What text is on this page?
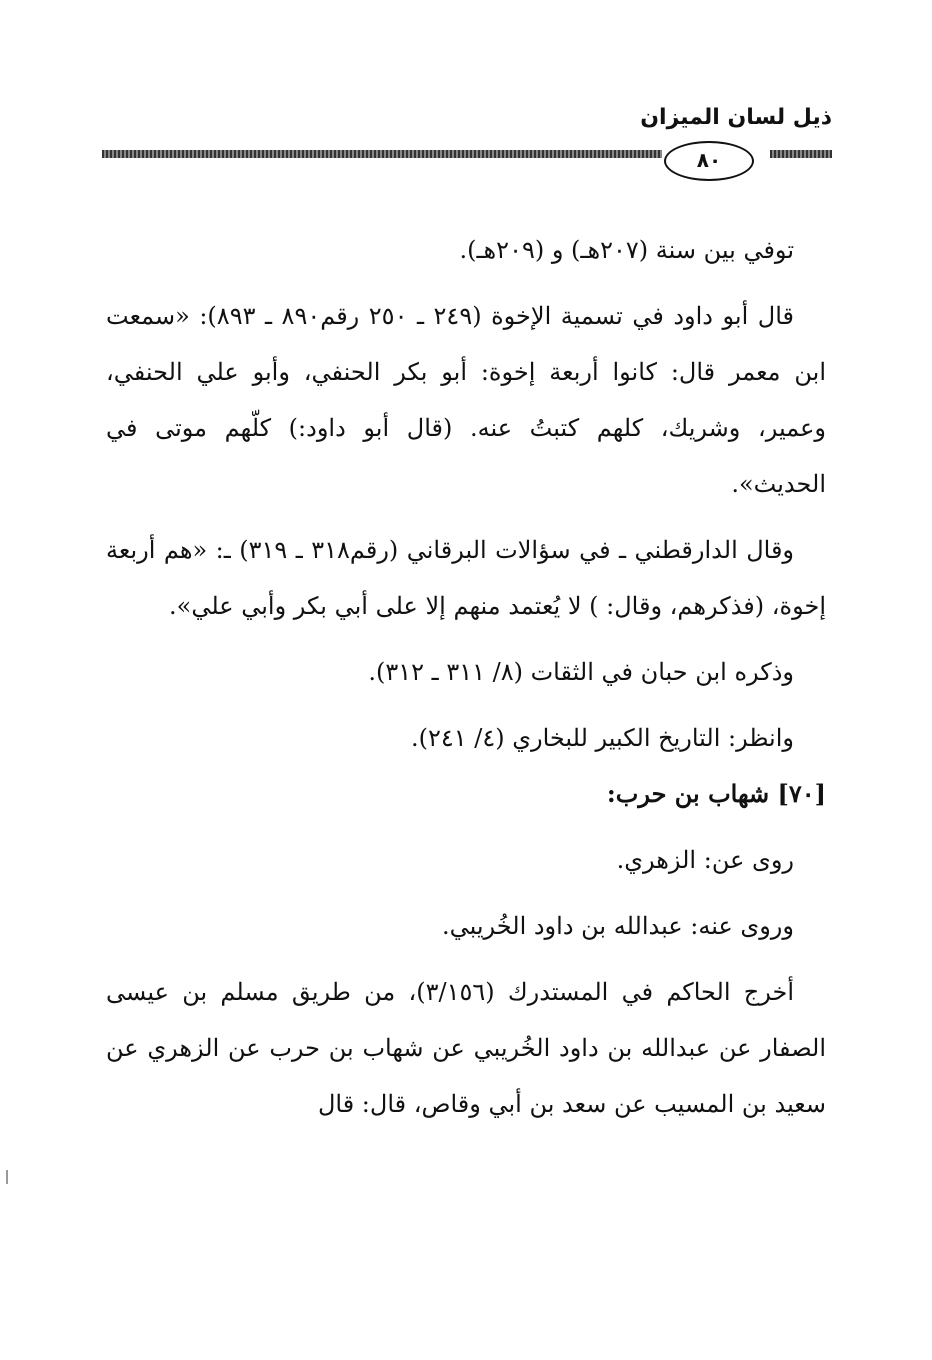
ذيل لسان الميزان
٨٠

توفي بين سنة (٢٠٧هـ) و (٢٠٩هـ).

قال أبو داود في تسمية الإخوة (٢٤٩ ـ ٢٥٠ رقم٨٩٠ ـ ٨٩٣): «سمعت ابن معمر قال: كانوا أربعة إخوة: أبو بكر الحنفي، وأبو علي الحنفي، وعمير، وشريك، كلهم كتبتُ عنه. (قال أبو داود:) كلّهم موتى في الحديث».

وقال الدارقطني ـ في سؤالات البرقاني (رقم٣١٨ ـ ٣١٩) ـ: «هم أربعة إخوة، (فذكرهم، وقال: ) لا يُعتمد منهم إلا على أبي بكر وأبي علي».

وذكره ابن حبان في الثقات (٨/ ٣١١ ـ ٣١٢).

وانظر: التاريخ الكبير للبخاري (٤/ ٢٤١).

[٧٠] شهاب بن حرب:

روى عن: الزهري.

وروى عنه: عبدالله بن داود الخُريبي.

أخرج الحاكم في المستدرك (٣/١٥٦)، من طريق مسلم بن عيسى الصفار عن عبدالله بن داود الخُريبي عن شهاب بن حرب عن الزهري عن سعيد بن المسيب عن سعد بن أبي وقاص، قال: قال
